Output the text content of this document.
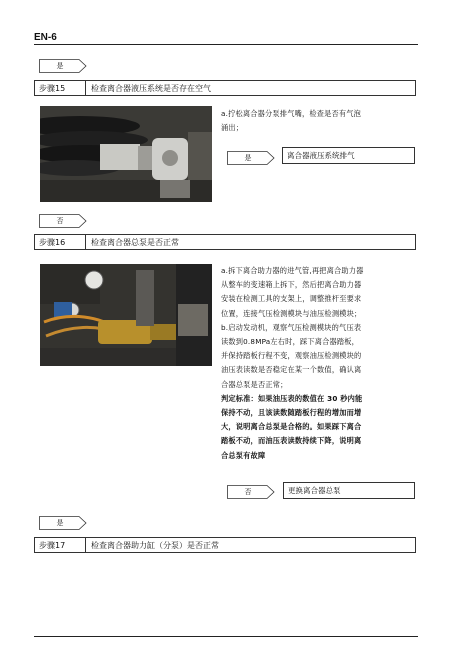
EN-6
是
步骤15	检查离合器液压系统是否存在空气
a.拧松离合器分泵排气嘴，检查是否有气泡
涌出；
是	离合器液压系统排气
否
步骤16	检查离合器总泵是否正常
a.拆下离合助力器的进气管,再把离合助力器
从整车的变速箱上拆下，然后把离合助力器
安装在检测工具的支架上，调整推杆至要求
位置，连接气压检测模块与油压检测模块；
b.启动发动机，观察气压检测模块的气压表
读数到0.8MPa左右时，踩下离合器踏板，
并保持踏板行程不变，观察油压检测模块的
油压表读数是否稳定在某一个数值，确认离
合器总泵是否正常；
判定标准：如果油压表的数值在 30 秒内能
保持不动，且该读数随踏板行程的增加而增
大，说明离合总泵是合格的。如果踩下离合
踏板不动，而油压表读数持续下降，说明离
合总泵有故障
否	更换离合器总泵
是
步骤17	检查离合器助力缸（分泵）是否正常
